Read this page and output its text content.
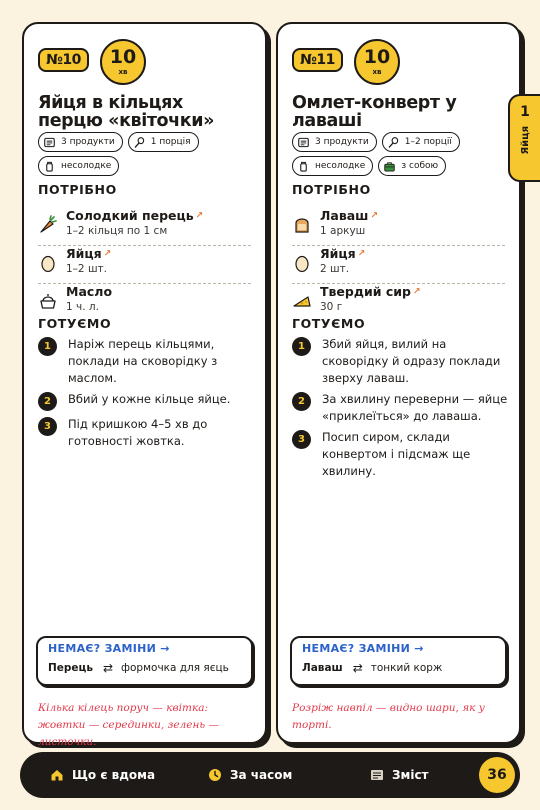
№10	10
хв
Яйця в кільцях
перцю «квіточки»
3 продукти	1 порція
несолодке
ПОТРІБНО
Солодкий перець ↗
1–2 кільця по 1 см
Яйця ↗
1–2 шт.
Масло
1 ч. л.
ГОТУЄМО
1	Наріж перець кільцями, поклади на сковорідку з маслом.
2	Вбий у кожне кільце яйце.
3	Під кришкою 4–5 хв до готовності жовтка.
НЕМАЄ? ЗАМІНИ →
Перець ⇄ формочка для яєць
Кілька кілець поруч — квітка: жовтки — серединки, зелень — листочки.
№11	10
хв
Омлет-конверт у
лаваші
3 продукти	1–2 порції
несолодке	з собою
ПОТРІБНО
Лаваш ↗
1 аркуш
Яйця ↗
2 шт.
Твердий сир ↗
30 г
ГОТУЄМО
1	Збий яйця, вилий на сковорідку й одразу поклади зверху лаваш.
2	За хвилину переверни — яйце «приклеїться» до лаваша.
3	Посип сиром, склади конвертом і підсмаж ще хвилину.
НЕМАЄ? ЗАМІНИ →
Лаваш ⇄ тонкий корж
Розріж навпіл — видно шари, як у торті.
1
Яйця
Що є вдома	За часом	Зміст	36
